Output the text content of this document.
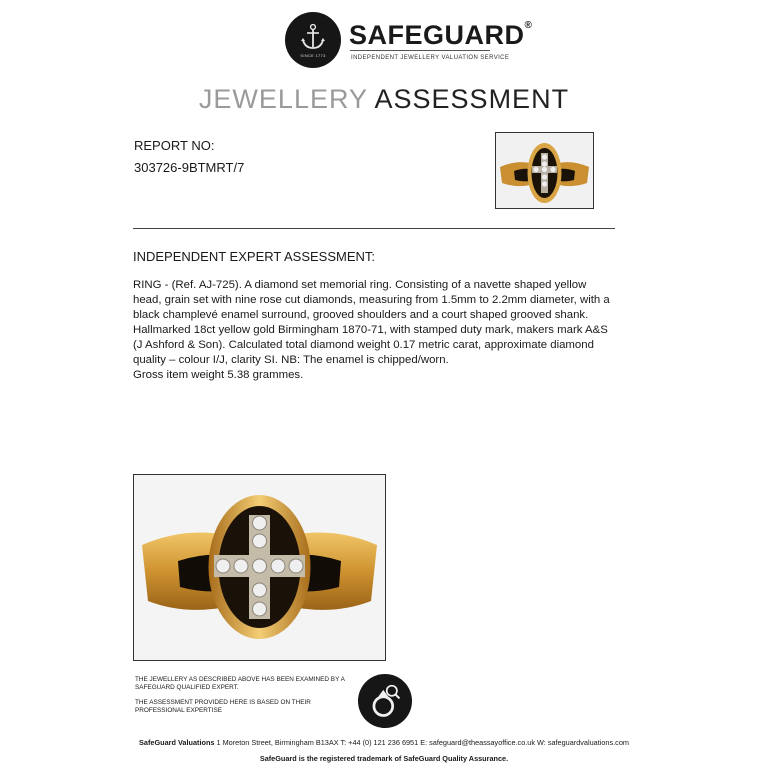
SINCE 1773
SAFEGUARD®
INDEPENDENT JEWELLERY VALUATION SERVICE
JEWELLERY ASSESSMENT
REPORT NO:
303726-9BTMRT/7
INDEPENDENT EXPERT ASSESSMENT:
RING - (Ref. AJ-725). A diamond set memorial ring. Consisting of a navette shaped yellow head, grain set with nine rose cut diamonds, measuring from 1.5mm to 2.2mm diameter, with a black champlevé enamel surround, grooved shoulders and a court shaped grooved shank. Hallmarked 18ct yellow gold Birmingham 1870-71, with stamped duty mark, makers mark A&S (J Ashford & Son). Calculated total diamond weight 0.17 metric carat, approximate diamond quality – colour I/J, clarity SI. NB: The enamel is chipped/worn.
Gross item weight 5.38 grammes.

THE JEWELLERY AS DESCRIBED ABOVE HAS BEEN EXAMINED BY A SAFEGUARD QUALIFIED EXPERT.

THE ASSESSMENT PROVIDED HERE IS BASED ON THEIR PROFESSIONAL EXPERTISE

SafeGuard Valuations 1 Moreton Street, Birmingham B13AX T: +44 (0) 121 236 6951 E: safeguard@theassayoffice.co.uk W: safeguardvaluations.com
SafeGuard is the registered trademark of SafeGuard Quality Assurance.
